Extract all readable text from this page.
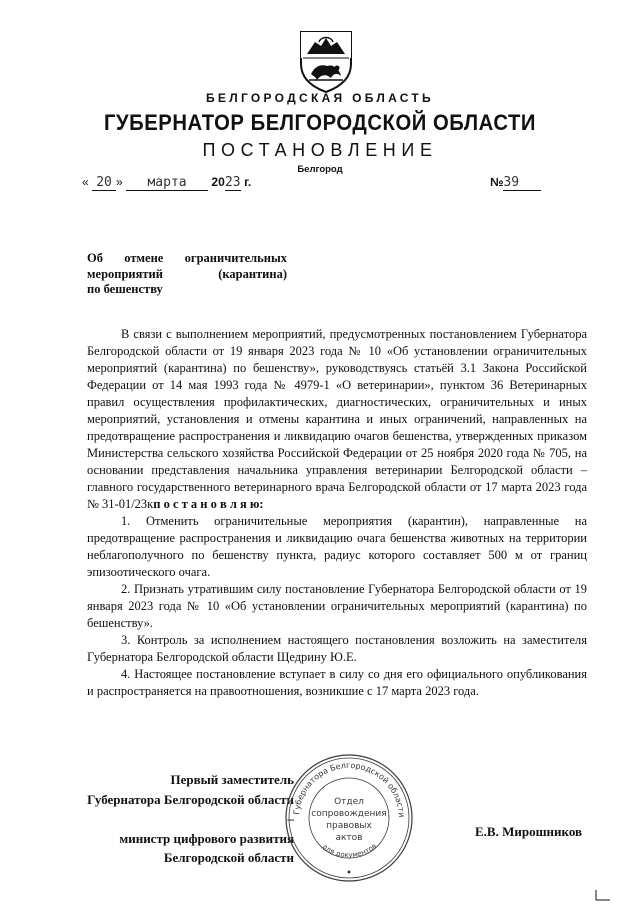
БЕЛГОРОДСКАЯ ОБЛАСТЬ
ГУБЕРНАТОР БЕЛГОРОДСКОЙ ОБЛАСТИ
ПОСТАНОВЛЕНИЕ
Белгород
« 20 » марта 2023 г.	№39
Об отмене ограничительных
мероприятий (карантина)
по бешенству

В связи с выполнением мероприятий, предусмотренных постановлением Губернатора Белгородской области от 19 января 2023 года № 10 «Об установлении ограничительных мероприятий (карантина) по бешенству», руководствуясь статьёй 3.1 Закона Российской Федерации от 14 мая 1993 года № 4979-1 «О ветеринарии», пунктом 36 Ветеринарных правил осуществления профилактических, диагностических, ограничительных и иных мероприятий, установления и отмены карантина и иных ограничений, направленных на предотвращение распространения и ликвидацию очагов бешенства, утвержденных приказом Министерства сельского хозяйства Российской Федерации от 25 ноября 2020 года № 705, на основании представления начальника управления ветеринарии Белгородской области – главного государственного ветеринарного врача Белгородской области от 17 марта 2023 года № 31-01/23кп о с т а н о в л я ю:

1. Отменить ограничительные мероприятия (карантин), направленные на предотвращение распространения и ликвидацию очага бешенства животных на территории неблагополучного по бешенству пункта, радиус которого составляет 500 м от границ эпизоотического очага.

2. Признать утратившим силу постановление Губернатора Белгородской области от 19 января 2023 года № 10 «Об установлении ограничительных мероприятий (карантина) по бешенству».

3. Контроль за исполнением настоящего постановления возложить на заместителя Губернатора Белгородской области Щедрину Ю.Е.

4. Настоящее постановление вступает в силу со дня его официального опубликования и распространяется на правоотношения, возникшие с 17 марта 2023 года.

Первый заместитель
Губернатора Белгородской области –
министр цифрового развития
Белгородской области
Е.В. Мирошников
Губернатора Белгородской области
для документов
Отдел
сопровождения
правовых
актов
